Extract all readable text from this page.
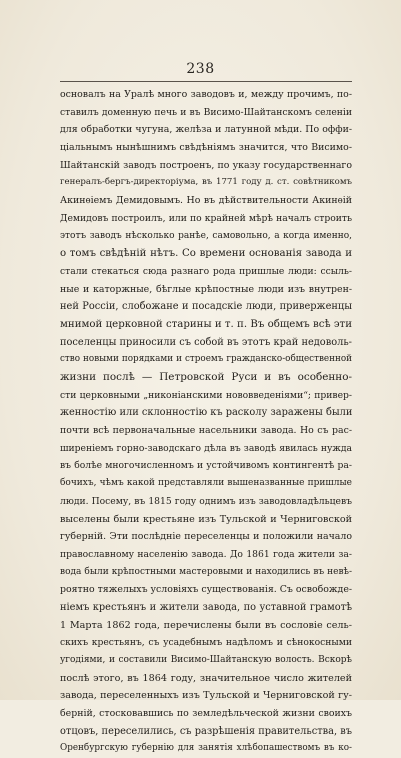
238
основалъ на Уралѣ много заводовъ и, между прочимъ, по-
ставилъ доменную печь и въ Висимо-Шайтанскомъ селеніи
для обработки чугуна, желѣза и латунной мѣди. По оффи-
ціальнымъ нынѣшнимъ свѣдѣніямъ значится, что Висимо-
Шайтанскій заводъ построенъ, по указу государственнаго
генералъ-бергъ-директоріума, въ 1771 году д. ст. совѣтникомъ
Акинѳіемъ Демидовымъ. Но въ дѣйствительности Акинѳій
Демидовъ построилъ, или по крайней мѣрѣ началъ строить
этотъ заводъ нѣсколько ранѣе, самовольно, а когда именно,
о томъ свѣдѣній нѣтъ. Со времени основанія завода и
стали стекаться сюда разнаго рода пришлые люди: ссыль-
ные и каторжные, бѣглые крѣпостные люди изъ внутрен-
ней Россіи, слобожане и посадскіе люди, приверженцы
мнимой церковной старины и т. п. Въ общемъ всѣ эти
поселенцы приносили съ собой въ этотъ край недоволь-
ство новыми порядками и строемъ гражданско-общественной
жизни послѣ — Петровской Руси и въ особенно-
сти церковными „никоніанскими нововведеніями“; привер-
женностію или склонностію къ расколу заражены были
почти всѣ первоначальные насельники завода. Но съ рас-
ширеніемъ горно-заводскаго дѣла въ заводѣ явилась нужда
въ болѣе многочисленномъ и устойчивомъ контингентѣ ра-
бочихъ, чѣмъ какой представляли вышеназванные пришлые
люди. Посему, въ 1815 году однимъ изъ заводовладѣльцевъ
выселены были крестьяне изъ Тульской и Черниговской
губерній. Эти послѣдніе переселенцы и положили начало
православному населенію завода. До 1861 года жители за-
вода были крѣпостными мастеровыми и находились въ невѣ-
роятно тяжелыхъ условіяхъ существованія. Съ освобожде-
ніемъ крестьянъ и жители завода, по уставной грамотѣ
1 Марта 1862 года, перечислены были въ сословіе сель-
скихъ крестьянъ, съ усадебнымъ надѣломъ и сѣнокосными
угодіями, и составили Висимо-Шайтанскую волость. Вскорѣ
послѣ этого, въ 1864 году, значительное число жителей
завода, переселенныхъ изъ Тульской и Черниговской гу-
берній, стосковавшись по земледѣльческой жизни своихъ
отцовъ, переселились, съ разрѣшенія правительства, въ
Оренбургскую губернію для занятія хлѣбопашествомъ въ ко-
